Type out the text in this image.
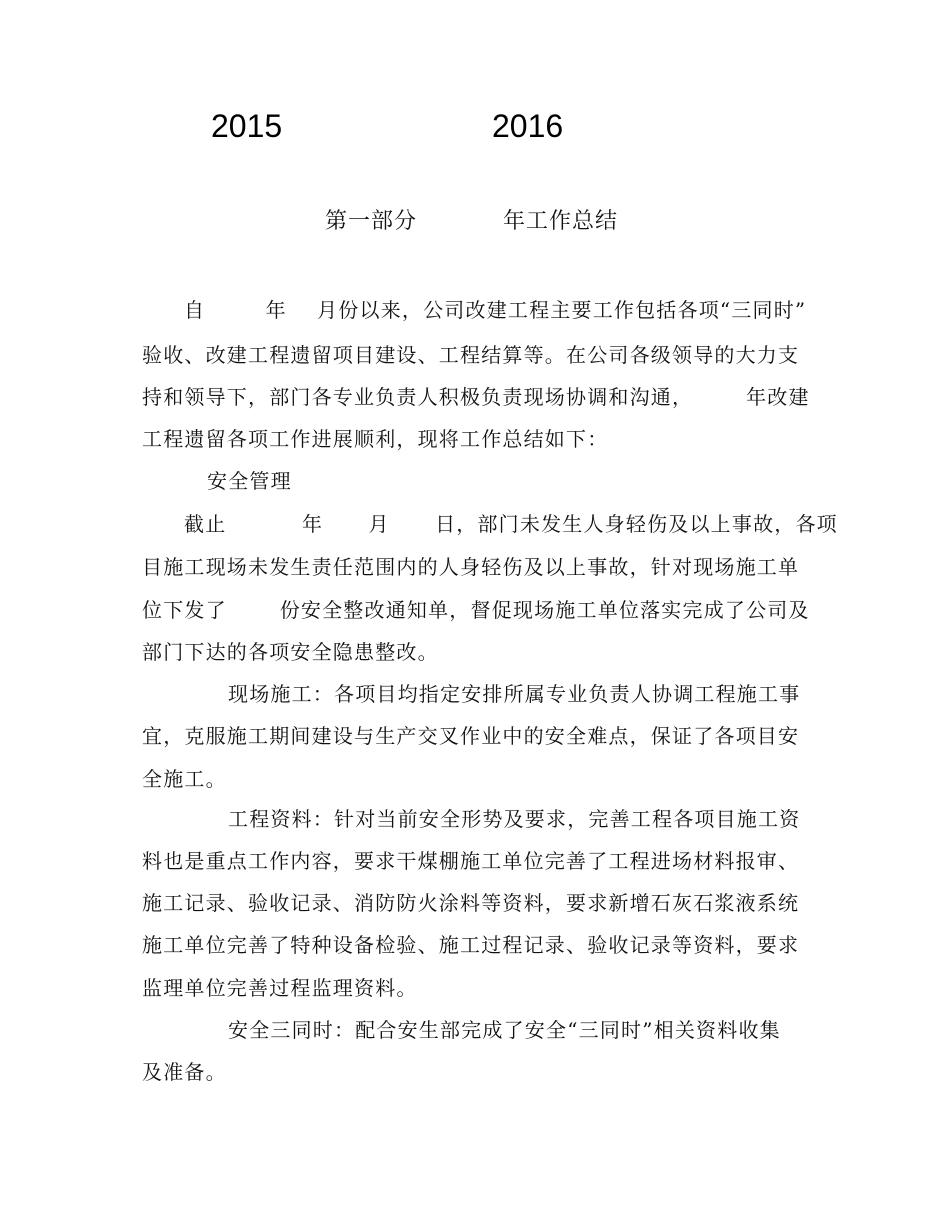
2015	2016
第一部分	年工作总结
自        年    月份以来，公司改建工程主要工作包括各项“三同时”
验收、改建工程遗留项目建设、工程结算等。在公司各级领导的大力支
持和领导下，部门各专业负责人积极负责现场协调和沟通，       年改建
工程遗留各项工作进展顺利，现将工作总结如下：
安全管理
截止          年      月      日，部门未发生人身轻伤及以上事故，各项
目施工现场未发生责任范围内的人身轻伤及以上事故，针对现场施工单
位下发了       份安全整改通知单，督促现场施工单位落实完成了公司及
部门下达的各项安全隐患整改。
现场施工：各项目均指定安排所属专业负责人协调工程施工事
宜，克服施工期间建设与生产交叉作业中的安全难点，保证了各项目安
全施工。
工程资料：针对当前安全形势及要求，完善工程各项目施工资
料也是重点工作内容，要求干煤棚施工单位完善了工程进场材料报审、
施工记录、验收记录、消防防火涂料等资料，要求新增石灰石浆液系统
施工单位完善了特种设备检验、施工过程记录、验收记录等资料，要求
监理单位完善过程监理资料。
安全三同时：配合安生部完成了安全“三同时”相关资料收集
及准备。
